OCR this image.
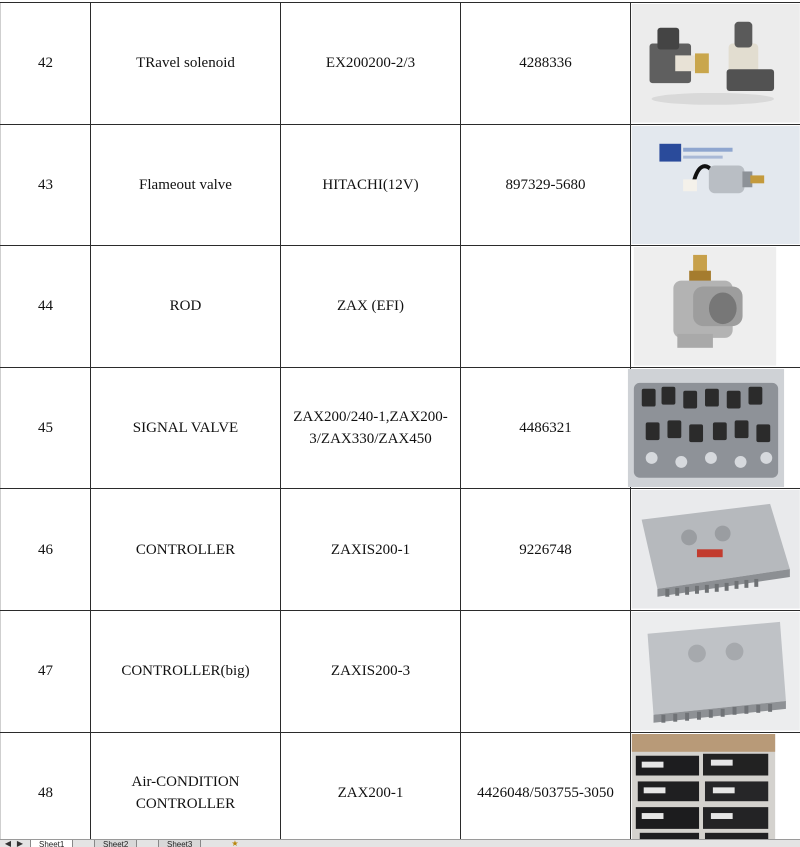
42	TRavel solenoid	EX200200-2/3	4288336	

43	Flameout valve	HITACHI(12V)	897329-5680	

44	ROD	ZAX (EFI)		

45	SIGNAL VALVE	ZAX200/240-1,ZAX200-3/ZAX330/ZAX450	4486321	

46	CONTROLLER	ZAXIS200-1	9226748	

47	CONTROLLER(big)	ZAXIS200-3		

48	Air-CONDITION CONTROLLER	ZAX200-1	4426048/503755-3050	
◀ ▶	Sheet1	Sheet2	Sheet3	★
